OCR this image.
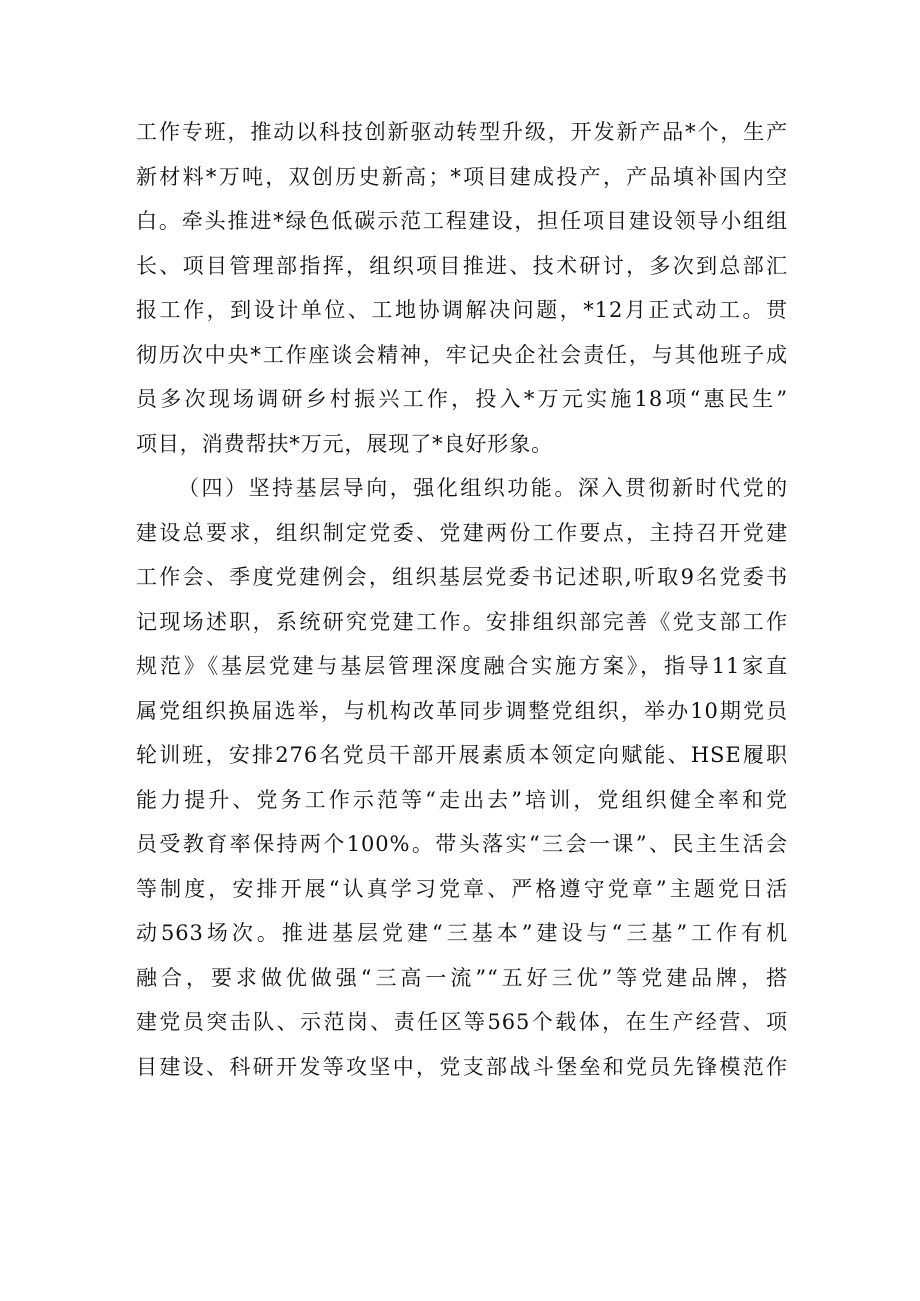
工作专班，推动以科技创新驱动转型升级，开发新产品*个，生产
新材料*万吨，双创历史新高；*项目建成投产，产品填补国内空
白。牵头推进*绿色低碳示范工程建设，担任项目建设领导小组组
长、项目管理部指挥，组织项目推进、技术研讨，多次到总部汇
报工作，到设计单位、工地协调解决问题，*12月正式动工。贯
彻历次中央*工作座谈会精神，牢记央企社会责任，与其他班子成
员多次现场调研乡村振兴工作，投入*万元实施18项“惠民生”
项目，消费帮扶*万元，展现了*良好形象。
（四）坚持基层导向，强化组织功能。深入贯彻新时代党的
建设总要求，组织制定党委、党建两份工作要点，主持召开党建
工作会、季度党建例会，组织基层党委书记述职,听取9名党委书
记现场述职，系统研究党建工作。安排组织部完善《党支部工作
规范》《基层党建与基层管理深度融合实施方案》，指导11家直
属党组织换届选举，与机构改革同步调整党组织，举办10期党员
轮训班，安排276名党员干部开展素质本领定向赋能、HSE履职
能力提升、党务工作示范等“走出去”培训，党组织健全率和党
员受教育率保持两个100%。带头落实“三会一课”、民主生活会
等制度，安排开展“认真学习党章、严格遵守党章”主题党日活
动563场次。推进基层党建“三基本”建设与“三基”工作有机
融合，要求做优做强“三高一流”“五好三优”等党建品牌，搭
建党员突击队、示范岗、责任区等565个载体，在生产经营、项
目建设、科研开发等攻坚中，党支部战斗堡垒和党员先锋模范作
